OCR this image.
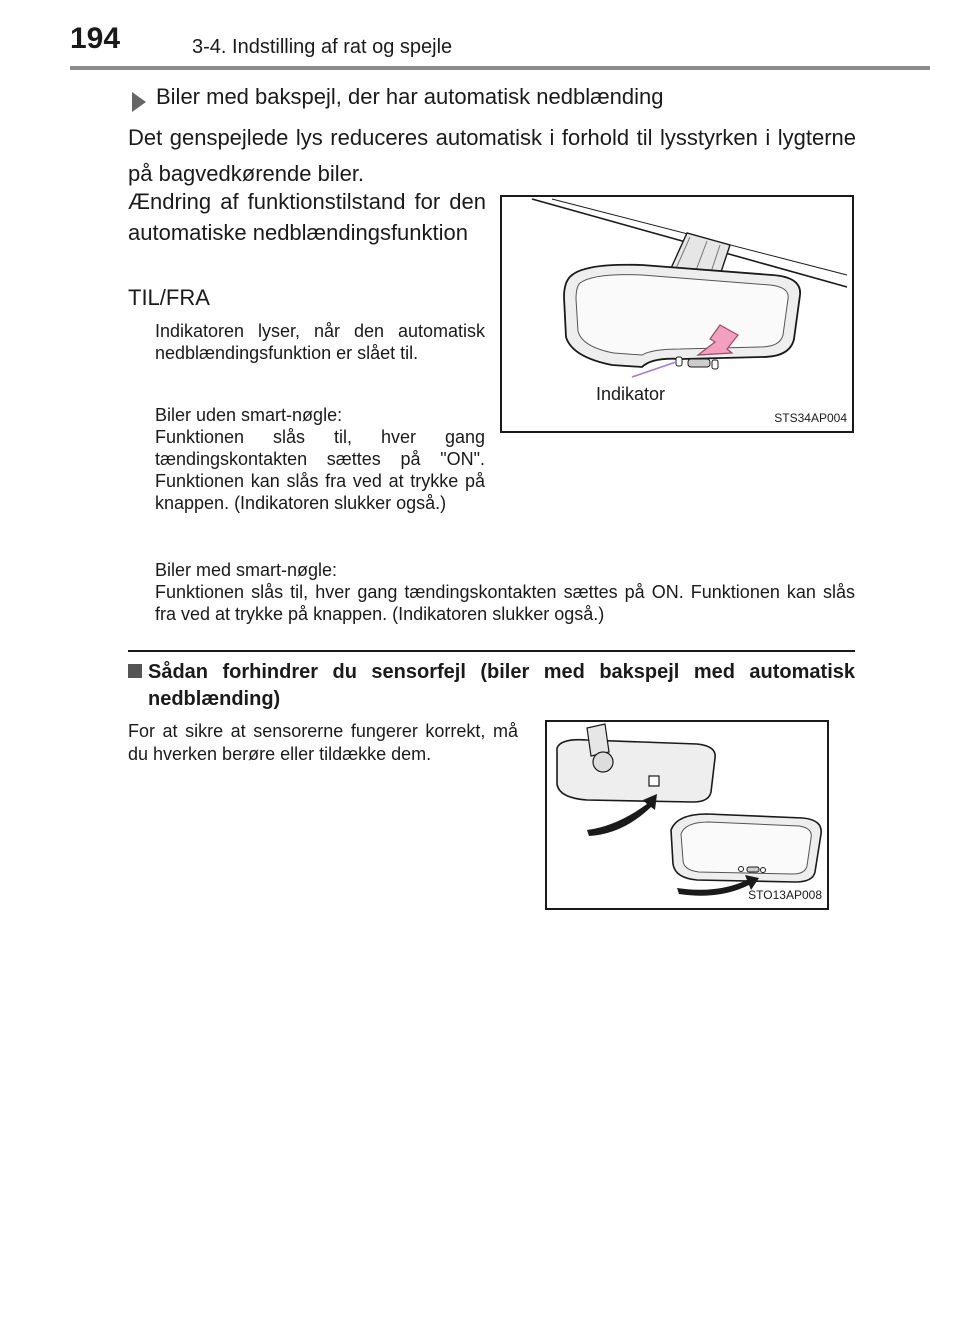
194	3-4. Indstilling af rat og spejle
Biler med bakspejl, der har automatisk nedblænding
Det genspejlede lys reduceres automatisk i forhold til lysstyrken i lygterne på bagvedkørende biler.
Ændring af funktionstilstand for den automatiske nedblændingsfunktion
TIL/FRA
Indikatoren lyser, når den automatisk nedblændingsfunktion er slået til.
Biler uden smart-nøgle:
Funktionen slås til, hver gang tændingskontakten sættes på "ON". Funktionen kan slås fra ved at trykke på knappen. (Indikatoren slukker også.)
Biler med smart-nøgle:
Funktionen slås til, hver gang tændingskontakten sættes på ON. Funktionen kan slås fra ved at trykke på knappen. (Indikatoren slukker også.)
Indikator
STS34AP004
Sådan forhindrer du sensorfejl (biler med bakspejl med automatisk nedblænding)
For at sikre at sensorerne fungerer korrekt, må du hverken berøre eller tildække dem.
STO13AP008
